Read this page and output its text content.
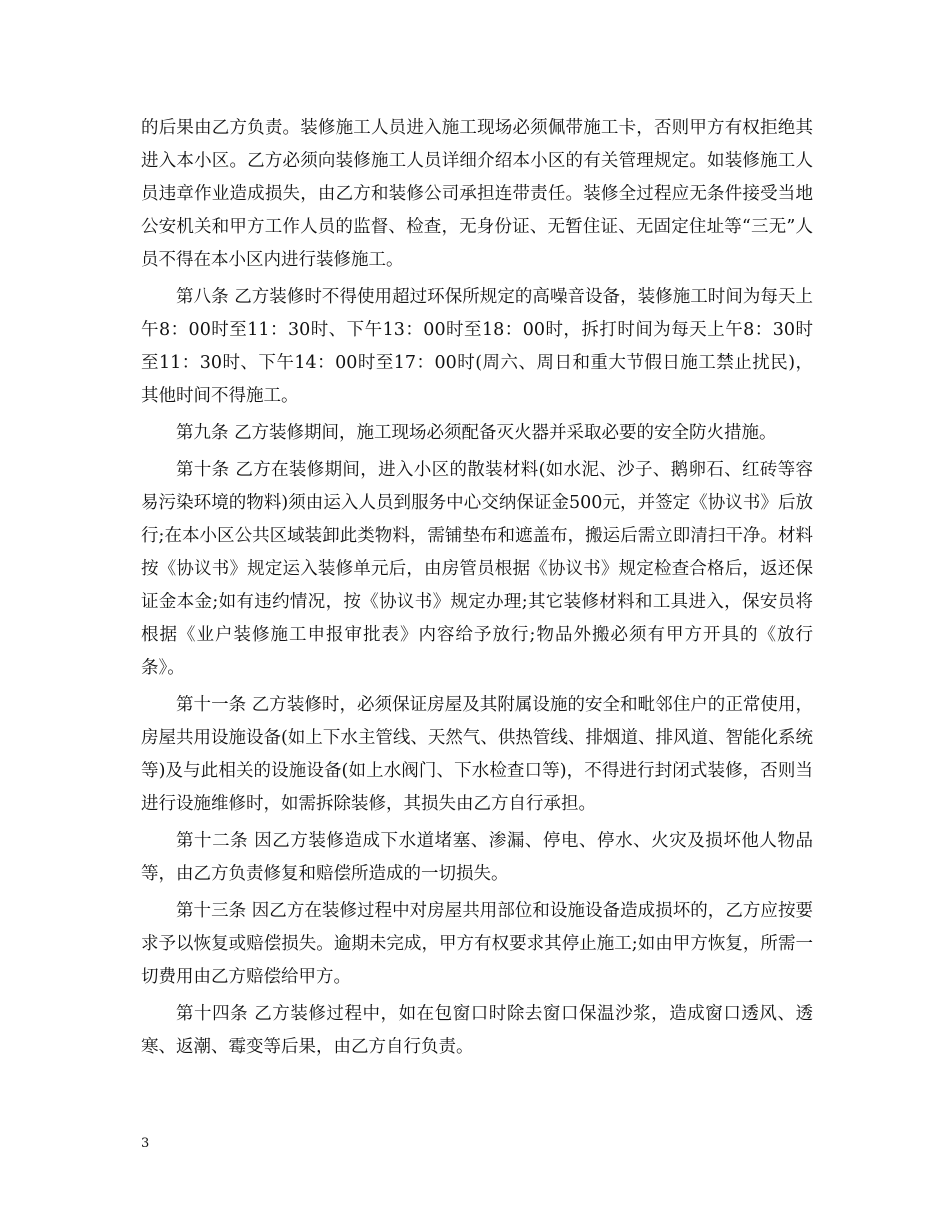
的后果由乙方负责。装修施工人员进入施工现场必须佩带施工卡，否则甲方有权拒绝其进入本小区。乙方必须向装修施工人员详细介绍本小区的有关管理规定。如装修施工人员违章作业造成损失，由乙方和装修公司承担连带责任。装修全过程应无条件接受当地公安机关和甲方工作人员的监督、检查，无身份证、无暂住证、无固定住址等“三无”人员不得在本小区内进行装修施工。

第八条 乙方装修时不得使用超过环保所规定的高噪音设备，装修施工时间为每天上午8：00时至11：30时、下午13：00时至18：00时，拆打时间为每天上午8：30时至11：30时、下午14：00时至17：00时(周六、周日和重大节假日施工禁止扰民)，其他时间不得施工。

第九条 乙方装修期间，施工现场必须配备灭火器并采取必要的安全防火措施。

第十条 乙方在装修期间，进入小区的散装材料(如水泥、沙子、鹅卵石、红砖等容易污染环境的物料)须由运入人员到服务中心交纳保证金500元，并签定《协议书》后放行;在本小区公共区域装卸此类物料，需铺垫布和遮盖布，搬运后需立即清扫干净。材料按《协议书》规定运入装修单元后，由房管员根据《协议书》规定检查合格后，返还保证金本金;如有违约情况，按《协议书》规定办理;其它装修材料和工具进入，保安员将根据《业户装修施工申报审批表》内容给予放行;物品外搬必须有甲方开具的《放行条》。

第十一条 乙方装修时，必须保证房屋及其附属设施的安全和毗邻住户的正常使用，房屋共用设施设备(如上下水主管线、天然气、供热管线、排烟道、排风道、智能化系统等)及与此相关的设施设备(如上水阀门、下水检查口等)，不得进行封闭式装修，否则当进行设施维修时，如需拆除装修，其损失由乙方自行承担。

第十二条 因乙方装修造成下水道堵塞、渗漏、停电、停水、火灾及损坏他人物品等，由乙方负责修复和赔偿所造成的一切损失。

第十三条 因乙方在装修过程中对房屋共用部位和设施设备造成损坏的，乙方应按要求予以恢复或赔偿损失。逾期未完成，甲方有权要求其停止施工;如由甲方恢复，所需一切费用由乙方赔偿给甲方。

第十四条 乙方装修过程中，如在包窗口时除去窗口保温沙浆，造成窗口透风、透寒、返潮、霉变等后果，由乙方自行负责。

3
